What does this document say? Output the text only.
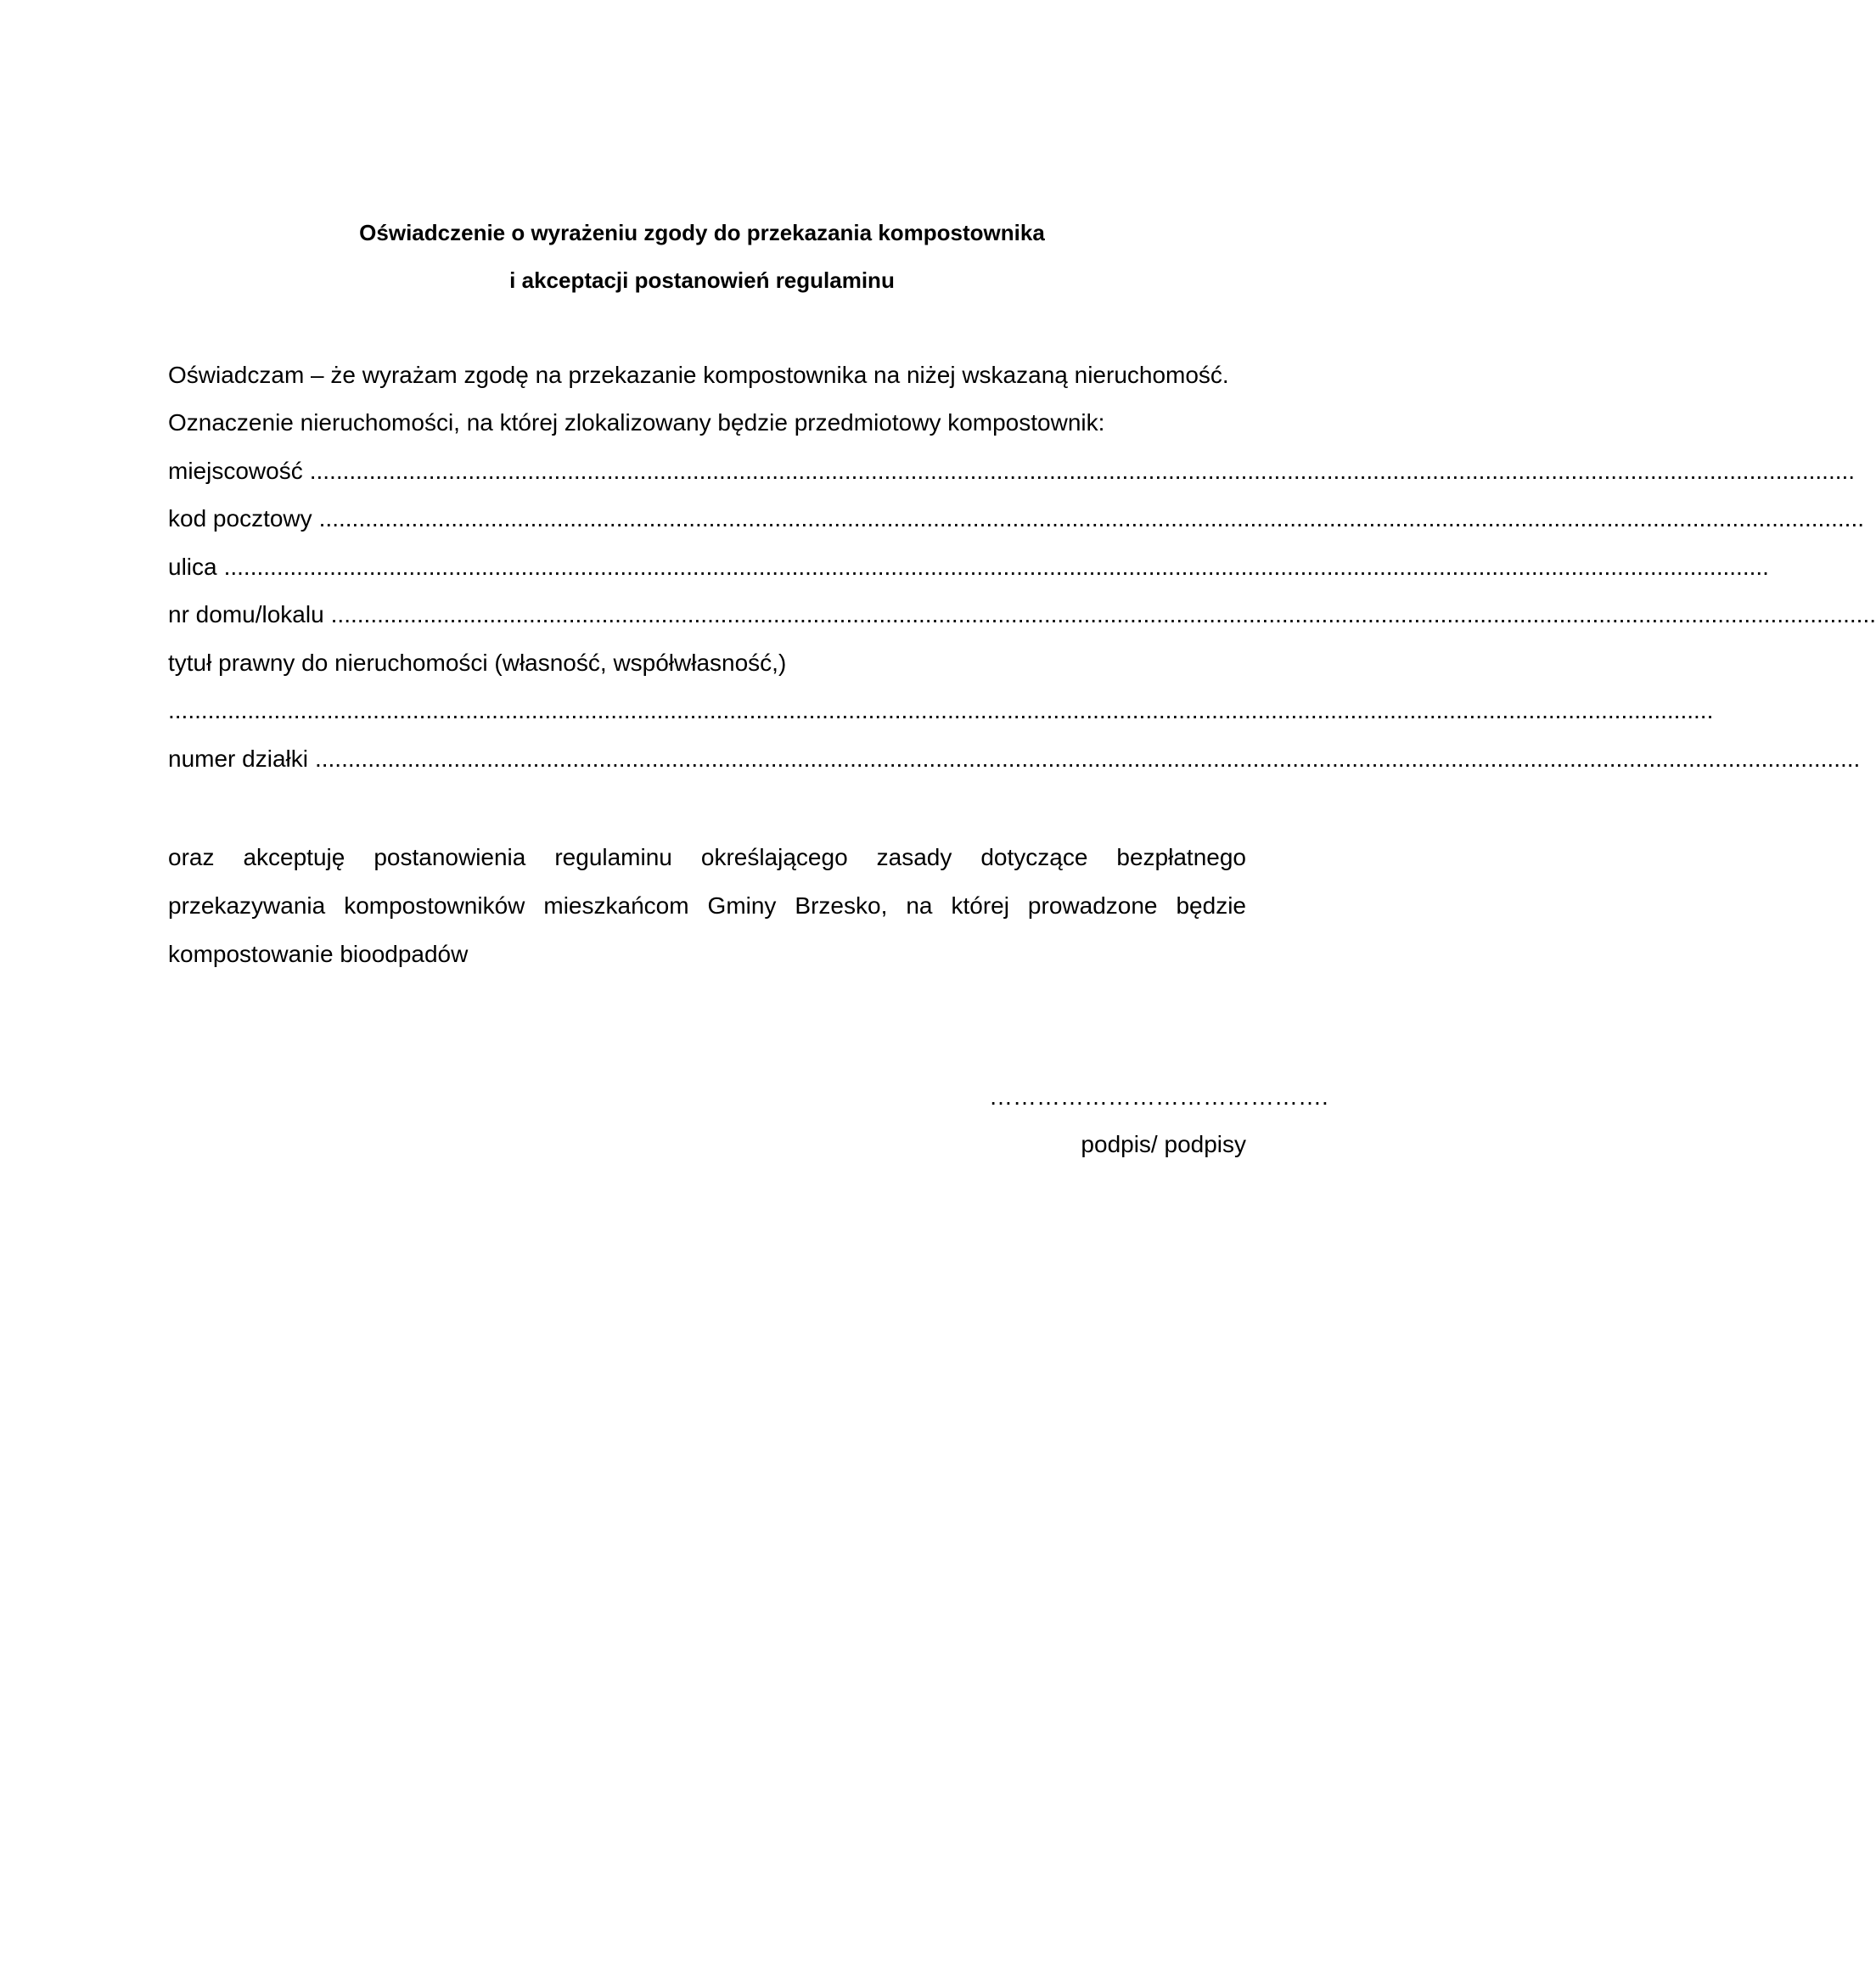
Oświadczenie o wyrażeniu zgody do przekazania kompostownika
i akceptacji postanowień regulaminu
Oświadczam – że wyrażam zgodę na przekazanie kompostownika na niżej wskazaną nieruchomość.
Oznaczenie nieruchomości, na której zlokalizowany będzie przedmiotowy kompostownik:
miejscowość ..........................................................................................................................................................................................................................................
kod pocztowy ..........................................................................................................................................................................................................................................
ulica ..........................................................................................................................................................................................................................................
nr domu/lokalu ..........................................................................................................................................................................................................................................
tytuł prawny do nieruchomości (własność, współwłasność,)
..........................................................................................................................................................................................................................................
numer działki ..........................................................................................................................................................................................................................................
oraz akceptuję postanowienia regulaminu określającego zasady dotyczące bezpłatnego przekazywania kompostowników mieszkańcom Gminy Brzesko, na której prowadzone będzie kompostowanie bioodpadów
…………………………………….
podpis/ podpisy
